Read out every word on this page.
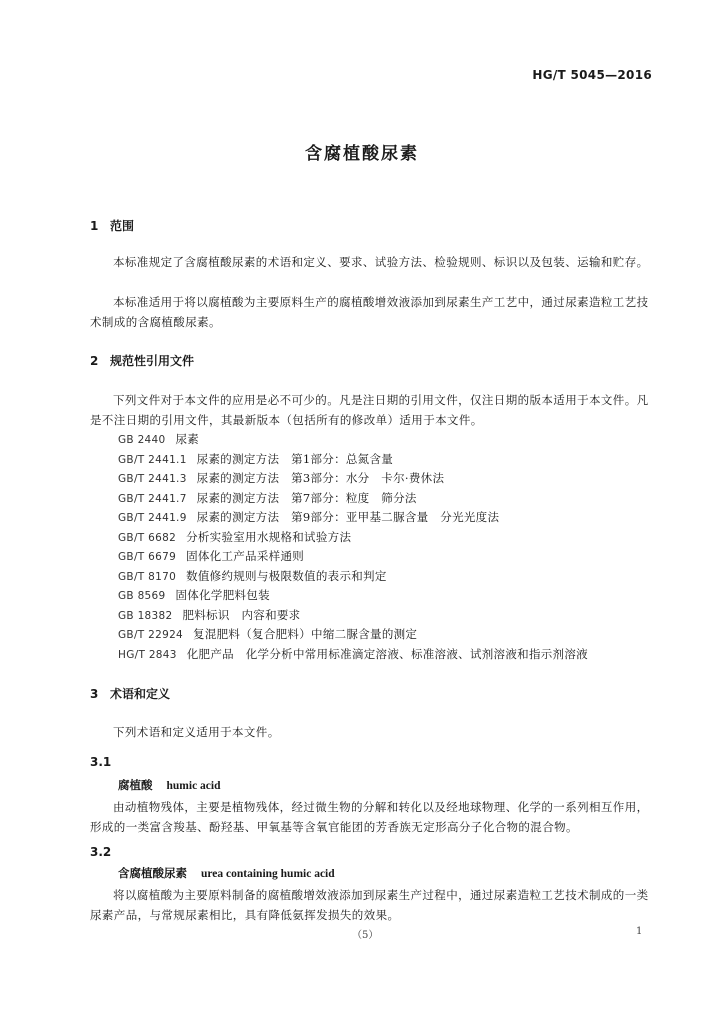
HG/T 5045—2016
含腐植酸尿素
1 范围
本标准规定了含腐植酸尿素的术语和定义、要求、试验方法、检验规则、标识以及包装、运输和贮存。
本标准适用于将以腐植酸为主要原料生产的腐植酸增效液添加到尿素生产工艺中，通过尿素造粒工艺技术制成的含腐植酸尿素。
2 规范性引用文件
下列文件对于本文件的应用是必不可少的。凡是注日期的引用文件，仅注日期的版本适用于本文件。凡是不注日期的引用文件，其最新版本（包括所有的修改单）适用于本文件。
GB 2440 尿素
GB/T 2441.1 尿素的测定方法　第1部分：总氮含量
GB/T 2441.3 尿素的测定方法　第3部分：水分　卡尔·费休法
GB/T 2441.7 尿素的测定方法　第7部分：粒度　筛分法
GB/T 2441.9 尿素的测定方法　第9部分：亚甲基二脲含量　分光光度法
GB/T 6682 分析实验室用水规格和试验方法
GB/T 6679 固体化工产品采样通则
GB/T 8170 数值修约规则与极限数值的表示和判定
GB 8569 固体化学肥料包装
GB 18382 肥料标识　内容和要求
GB/T 22924 复混肥料（复合肥料）中缩二脲含量的测定
HG/T 2843 化肥产品　化学分析中常用标准滴定溶液、标准溶液、试剂溶液和指示剂溶液
3 术语和定义
下列术语和定义适用于本文件。
3.1
腐植酸 humic acid
由动植物残体，主要是植物残体，经过微生物的分解和转化以及经地球物理、化学的一系列相互作用，形成的一类富含羧基、酚羟基、甲氧基等含氧官能团的芳香族无定形高分子化合物的混合物。
3.2
含腐植酸尿素 urea containing humic acid
将以腐植酸为主要原料制备的腐植酸增效液添加到尿素生产过程中，通过尿素造粒工艺技术制成的一类尿素产品，与常规尿素相比，具有降低氨挥发损失的效果。
（5）	1
